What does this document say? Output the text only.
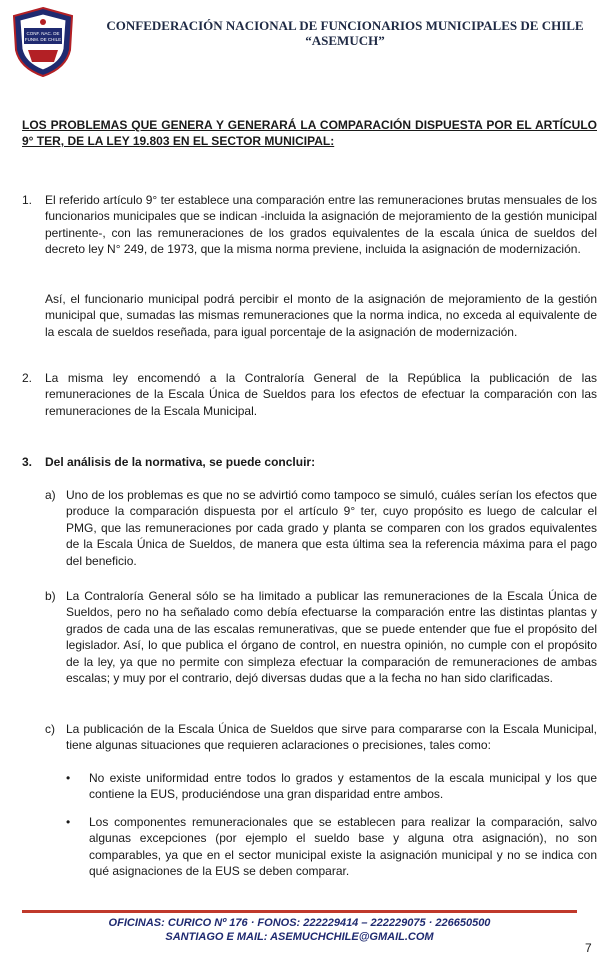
CONF. NAC. DE
FUNM. DE CHILE
CONFEDERACIÓN NACIONAL DE FUNCIONARIOS MUNICIPALES DE CHILE
“ASEMUCH”
LOS PROBLEMAS QUE GENERA Y GENERARÁ LA COMPARACIÓN DISPUESTA POR EL ARTÍCULO 9° TER, DE LA LEY 19.803 EN EL SECTOR MUNICIPAL:
1. El referido artículo 9° ter establece una comparación entre las remuneraciones brutas mensuales de los funcionarios municipales que se indican -incluida la asignación de mejoramiento de la gestión municipal pertinente-, con las remuneraciones de los grados equivalentes de la escala única de sueldos del decreto ley N° 249, de 1973, que la misma norma previene, incluida la asignación de modernización.
Así, el funcionario municipal podrá percibir el monto de la asignación de mejoramiento de la gestión municipal que, sumadas las mismas remuneraciones que la norma indica, no exceda al equivalente de la escala de sueldos reseñada, para igual porcentaje de la asignación de modernización.
2. La misma ley encomendó a la Contraloría General de la República la publicación de las remuneraciones de la Escala Única de Sueldos para los efectos de efectuar la comparación con las remuneraciones de la Escala Municipal.
3. Del análisis de la normativa, se puede concluir:
a) Uno de los problemas es que no se advirtió como tampoco se simuló, cuáles serían los efectos que produce la comparación dispuesta por el artículo 9° ter, cuyo propósito es luego de calcular el PMG, que las remuneraciones por cada grado y planta se comparen con los grados equivalentes de la Escala Única de Sueldos, de manera que esta última sea la referencia máxima para el pago del beneficio.
b) La Contraloría General sólo se ha limitado a publicar las remuneraciones de la Escala Única de Sueldos, pero no ha señalado como debía efectuarse la comparación entre las distintas plantas y grados de cada una de las escalas remunerativas, que se puede entender que fue el propósito del legislador. Así, lo que publica el órgano de control, en nuestra opinión, no cumple con el propósito de la ley, ya que no permite con simpleza efectuar la comparación de remuneraciones de ambas escalas; y muy por el contrario, dejó diversas dudas que a la fecha no han sido clarificadas.
c) La publicación de la Escala Única de Sueldos que sirve para compararse con la Escala Municipal, tiene algunas situaciones que requieren aclaraciones o precisiones, tales como:
• No existe uniformidad entre todos lo grados y estamentos de la escala municipal y los que contiene la EUS, produciéndose una gran disparidad entre ambos.
• Los componentes remuneracionales que se establecen para realizar la comparación, salvo algunas excepciones (por ejemplo el sueldo base y alguna otra asignación), no son comparables, ya que en el sector municipal existe la asignación municipal y no se indica con qué asignaciones de la EUS se deben comparar.
OFICINAS: CURICO Nº 176 · FONOS: 222229414 – 222229075 · 226650500
SANTIAGO E MAIL: ASEMUCHCHILE@GMAIL.COM
7
